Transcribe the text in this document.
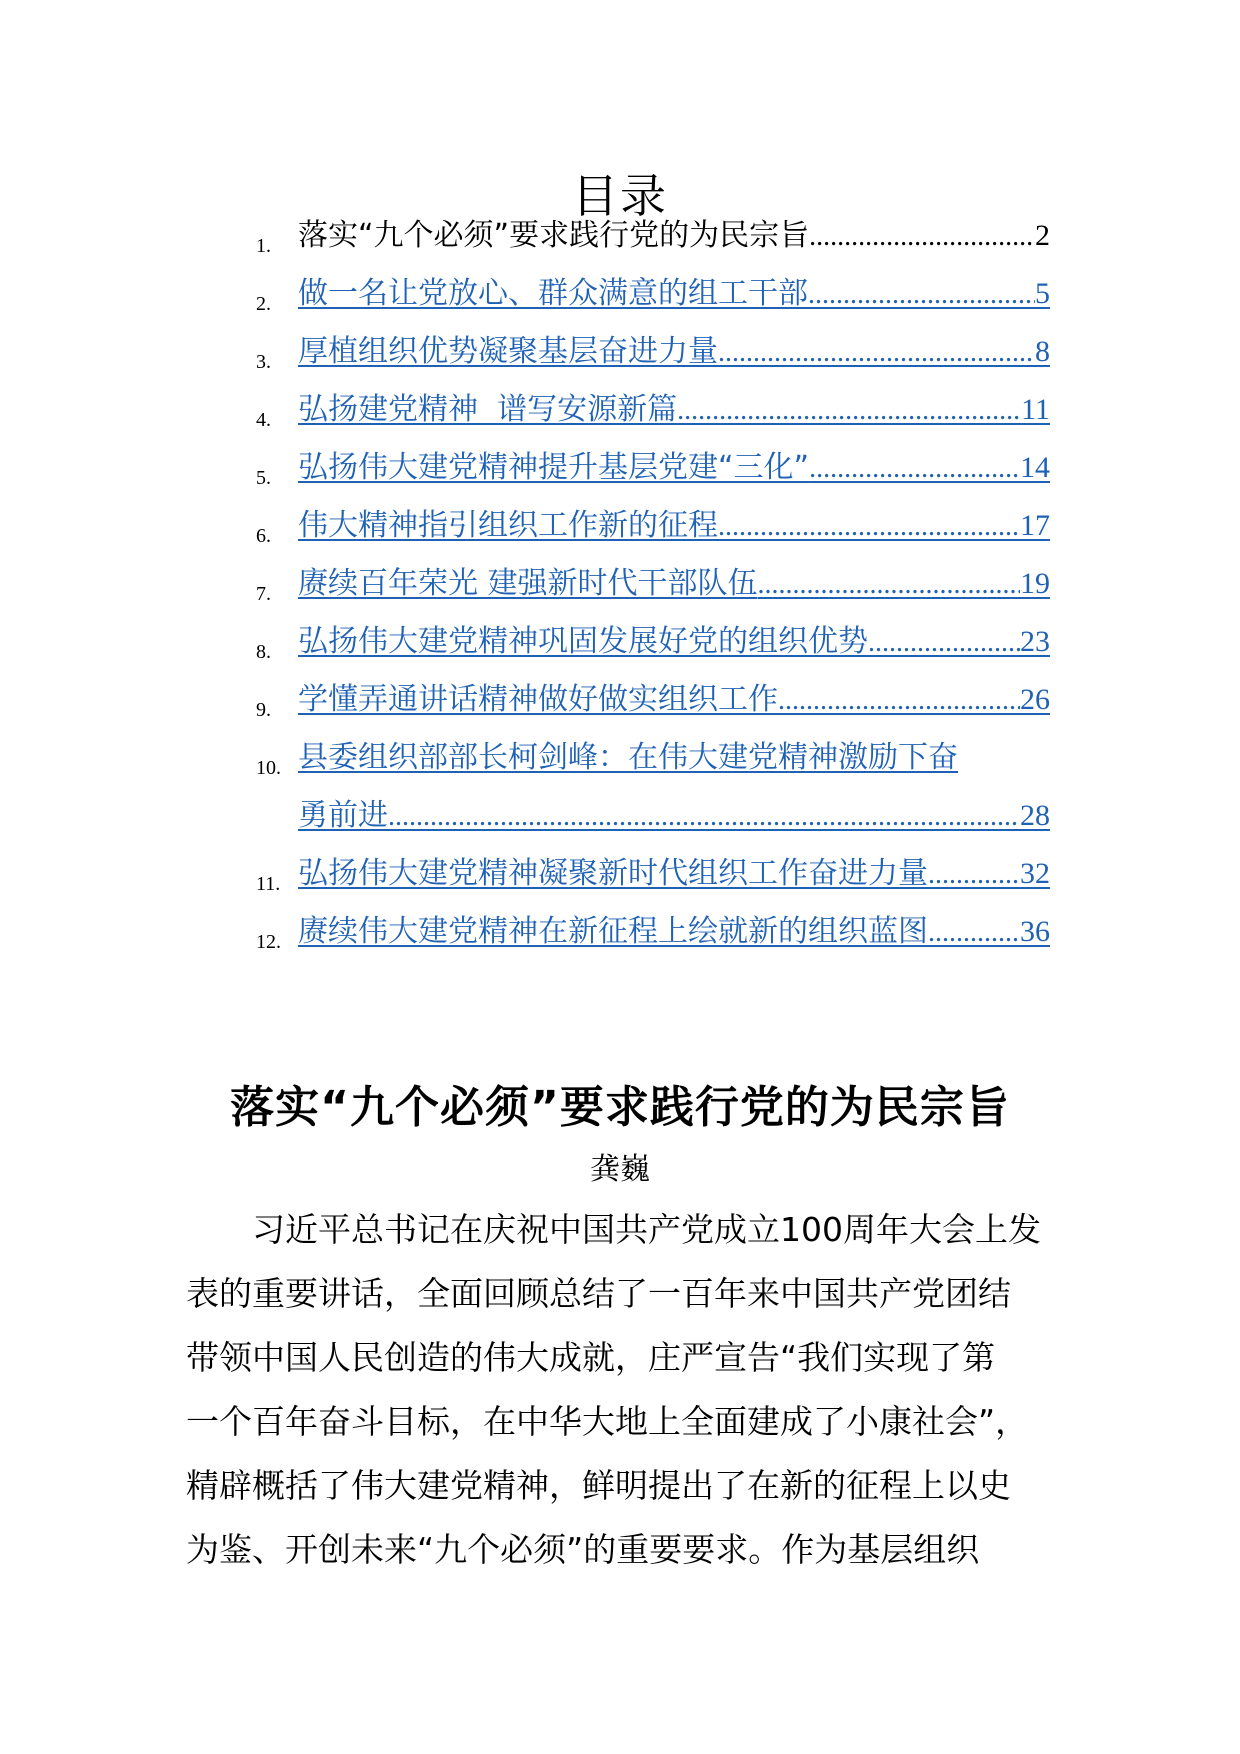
目录
1. 落实“九个必须”要求践行党的为民宗旨 .....	2
2. 做一名让党放心、群众满意的组工干部 .....	5
3. 厚植组织优势凝聚基层奋进力量 .....	8
4. 弘扬建党精神  谱写安源新篇 .....	11
5. 弘扬伟大建党精神提升基层党建“三化” .....	14
6. 伟大精神指引组织工作新的征程 .....	17
7. 赓续百年荣光 建强新时代干部队伍 .....	19
8. 弘扬伟大建党精神巩固发展好党的组织优势 .....	23
9. 学懂弄通讲话精神做好做实组织工作 .....	26
10. 县委组织部部长柯剑峰：在伟大建党精神激励下奋
勇前进 .....	28
11. 弘扬伟大建党精神凝聚新时代组织工作奋进力量 .....	32
12. 赓续伟大建党精神在新征程上绘就新的组织蓝图 .....	36
落实“九个必须”要求践行党的为民宗旨
龚巍
　　习近平总书记在庆祝中国共产党成立100周年大会上发
表的重要讲话，全面回顾总结了一百年来中国共产党团结
带领中国人民创造的伟大成就，庄严宣告“我们实现了第
一个百年奋斗目标，在中华大地上全面建成了小康社会”，
精辟概括了伟大建党精神，鲜明提出了在新的征程上以史
为鉴、开创未来“九个必须”的重要要求。作为基层组织
